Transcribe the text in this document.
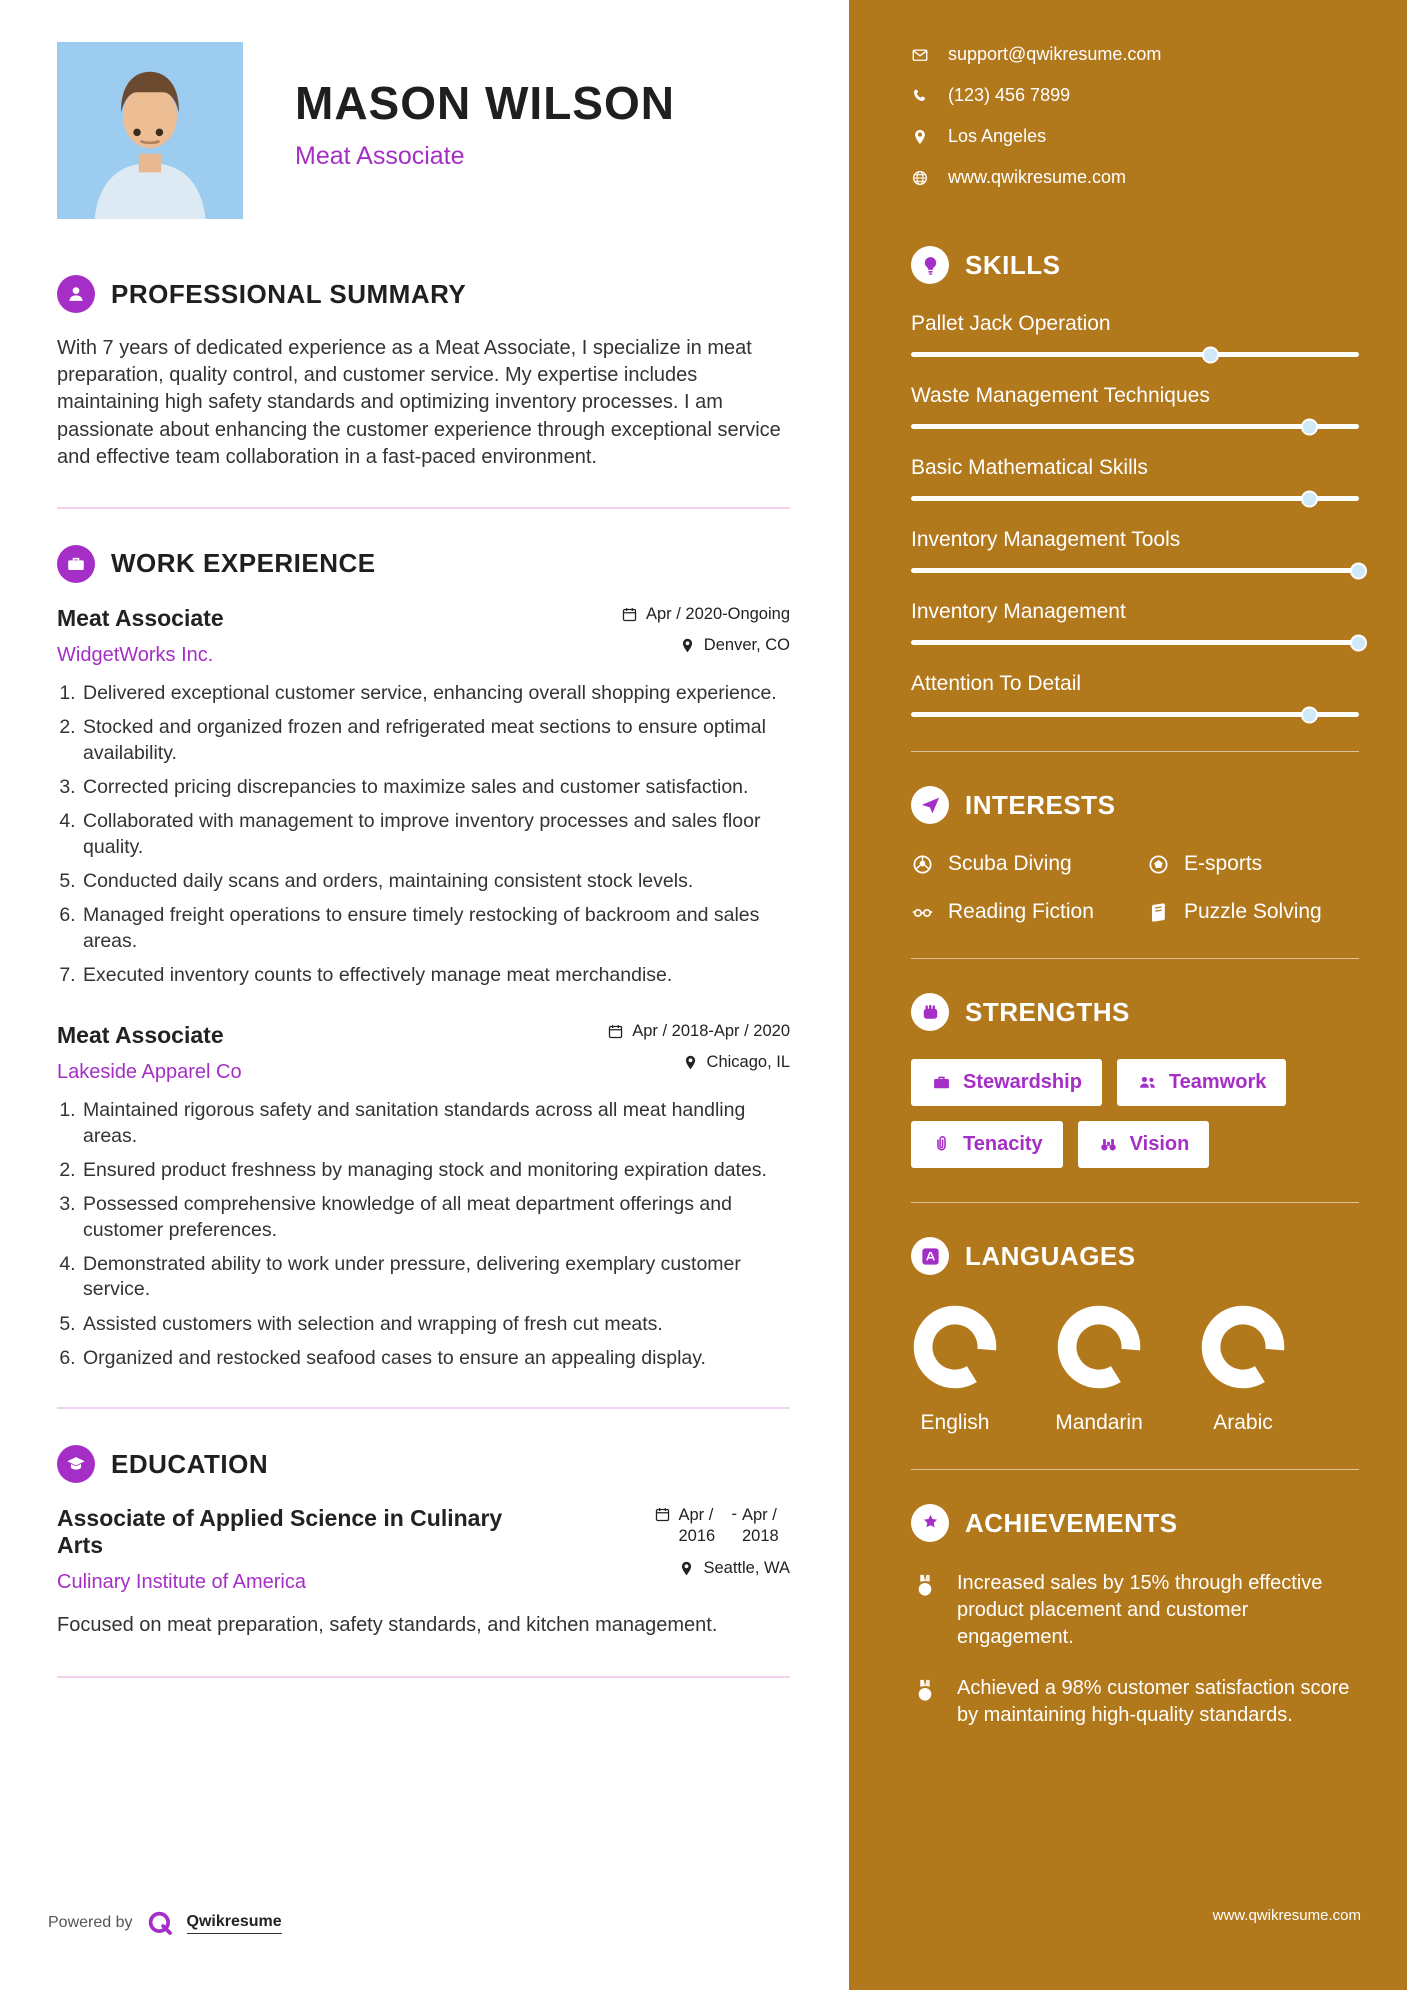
MASON WILSON
Meat Associate
PROFESSIONAL SUMMARY

With 7 years of dedicated experience as a Meat Associate, I specialize in meat preparation, quality control, and customer service. My expertise includes maintaining high safety standards and optimizing inventory processes. I am passionate about enhancing the customer experience through exceptional service and effective team collaboration in a fast-paced environment.

WORK EXPERIENCE
Meat Associate
WidgetWorks Inc.
Apr / 2020-Ongoing
Denver, CO
1. Delivered exceptional customer service, enhancing overall shopping experience.
2. Stocked and organized frozen and refrigerated meat sections to ensure optimal availability.
3. Corrected pricing discrepancies to maximize sales and customer satisfaction.
4. Collaborated with management to improve inventory processes and sales floor quality.
5. Conducted daily scans and orders, maintaining consistent stock levels.
6. Managed freight operations to ensure timely restocking of backroom and sales areas.
7. Executed inventory counts to effectively manage meat merchandise.
Meat Associate
Lakeside Apparel Co
Apr / 2018-Apr / 2020
Chicago, IL
1. Maintained rigorous safety and sanitation standards across all meat handling areas.
2. Ensured product freshness by managing stock and monitoring expiration dates.
3. Possessed comprehensive knowledge of all meat department offerings and customer preferences.
4. Demonstrated ability to work under pressure, delivering exemplary customer service.
5. Assisted customers with selection and wrapping of fresh cut meats.
6. Organized and restocked seafood cases to ensure an appealing display.
EDUCATION
Associate of Applied Science in Culinary Arts
Culinary Institute of America
Apr / 2016
- Apr / 2018
Seattle, WA

Focused on meat preparation, safety standards, and kitchen management.

Powered by	Qwikresume
support@qwikresume.com
(123) 456 7899
Los Angeles
www.qwikresume.com
SKILLS
Pallet Jack Operation
Waste Management Techniques
Basic Mathematical Skills
Inventory Management Tools
Inventory Management
Attention To Detail
INTERESTS
Scuba Diving	E-sports
Reading Fiction	Puzzle Solving
STRENGTHS
Stewardship	Teamwork
Tenacity	Vision
LANGUAGES
English	Mandarin	Arabic
ACHIEVEMENTS

Increased sales by 15% through effective product placement and customer engagement.

Achieved a 98% customer satisfaction score by maintaining high-quality standards.

www.qwikresume.com
